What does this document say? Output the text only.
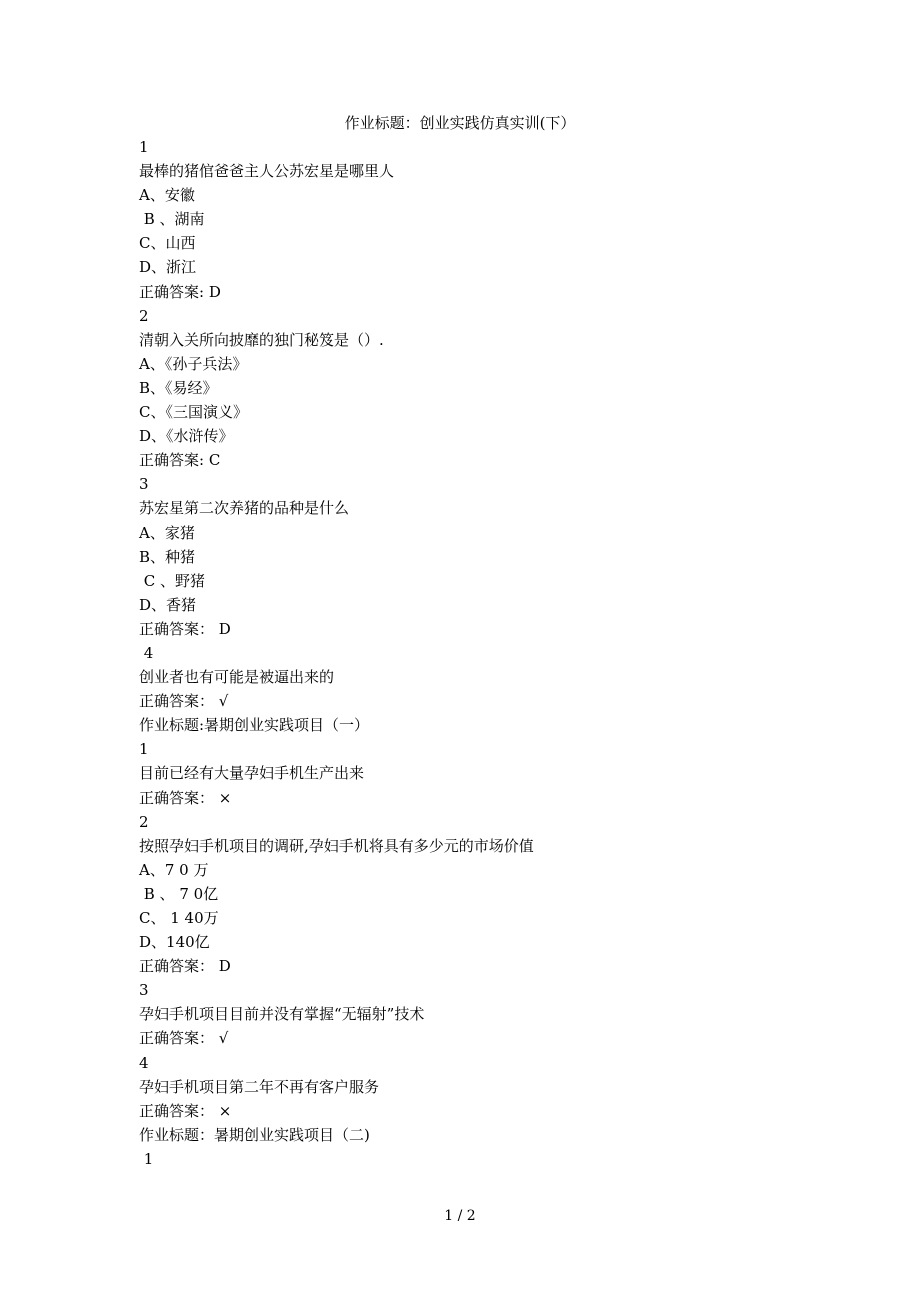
作业标题：创业实践仿真实训(下）
1
最棒的猪倌爸爸主人公苏宏星是哪里人
A、安徽
B 、湖南
C、山西
D、浙江
正确答案: D
2
清朝入关所向披靡的独门秘笈是（）.
A、《孙子兵法》
B、《易经》
C、《三国演义》
D、《水浒传》
正确答案: C
3
苏宏星第二次养猪的品种是什么
A、家猪
B、种猪
C 、野猪
D、香猪
正确答案： D
4
创业者也有可能是被逼出来的
正确答案： √
作业标题:暑期创业实践项目（一）
1
目前已经有大量孕妇手机生产出来
正确答案： ×
2
按照孕妇手机项目的调研,孕妇手机将具有多少元的市场价值
A、7 0 万
B 、 7 0亿
C、 1 40万
D、140亿
正确答案： D
3
孕妇手机项目目前并没有掌握“无辐射”技术
正确答案： √
4
孕妇手机项目第二年不再有客户服务
正确答案： ×
作业标题：暑期创业实践项目（二)
1
1 / 2
